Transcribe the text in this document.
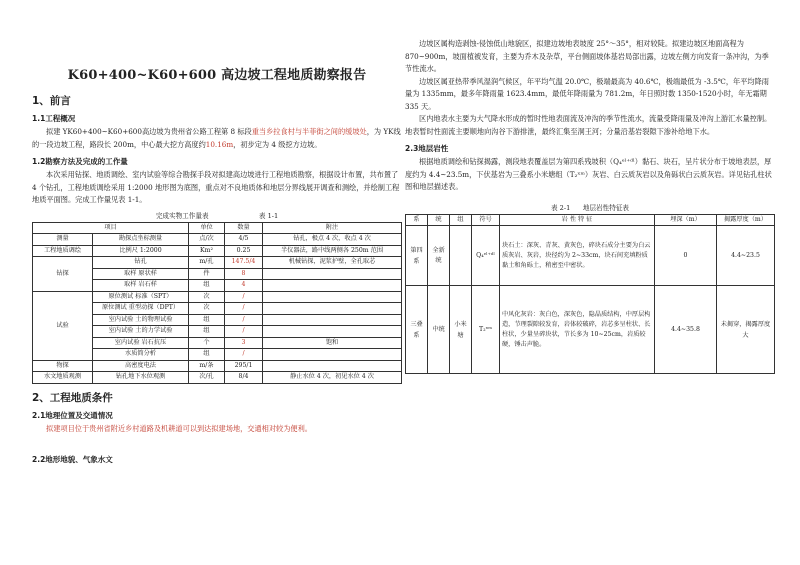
K60+400~K60+600 高边坡工程地质勘察报告
1、前言
1.1工程概况

拟建 YK60+400~K60+600高边坡为贵州省公路工程第 8 标段重当乡拉食村与半菲街之间的缓坡处，为 YK线的一段边坡工程，路段长 200m，中心最大挖方高度约10.16m，初步定为 4 级挖方边坡。

1.2勘察方法及完成的工作量

本次采用钻探、地质调绘、室内试验等综合勘探手段对拟建高边坡进行工程地质勘察，根据设计布置，共布置了 4 个钻孔，工程地质调绘采用 1:2000 地形图为底图，重点对不良地质体和地层分界线展开调查和测绘，并绘制工程地质平面图。完成工作量见表 1-1。

完成实物工作量表	表 1-1
项目		单位	数量	附注
测量	勘探点坐标测量	点/次	4/5	钻孔，极点 4 次，收点 4 次
工程地质调绘	比例尺 1:2000	Km²	0.25	半仪器法，路中线两侧各 250m 范围
钻探	钻孔	m/孔	147.5/4	机械钻探，泥浆护壁，全孔取芯
	取样 原状样	件	8	
	取样 岩石样	组	4	
试验	原位测试 标准（SPT）	次	/	
	原位测试 重型动探（DPT）	次	/	
	室内试验 土的物理试验	组	/	
	室内试验 土的力学试验	组	/	
	室内试验 岩石抗压	个	3	饱和
	水质简分析	组	/	
物探	高密度电法	m/条	295/1	
水文地质观测	钻孔地下水位观测	次/孔	8/4	静止水位 4 次，初见水位 4 次
2、工程地质条件
2.1地理位置及交通情况

拟建项目位于贵州省附近乡村道路及机耕道可以到达拟建场地，交通相对较为便利。

2.2地形地貌、气象水文

边坡区属构造剥蚀-侵蚀低山地貌区，拟建边坡地表坡度 25°～35°，相对较陡。拟建边坡区地面高程为 870~900m，坡面植被发育，主要为乔木及杂草，平台侧面坡体基岩局部出露，边坡左侧方向发育一条冲沟，为季节性流水。

边坡区属亚热带季风湿润气候区，年平均气温 20.0℃，极端最高为 40.6℃，极端最低为 -3.5℃，年平均降雨量为 1335mm，最多年降雨量 1623.4mm，最低年降雨量为 781.2m，年日照时数 1350-1520小时，年无霜期 335 天。

区内地表水主要为大气降水形成的暂时性地表面流及冲沟的季节性流水，流量受降雨量及冲沟上游汇水量控制。地表暂时性面流主要顺地向沟谷下游排泄，最终汇集至洞王河；分量沿基岩裂隙下渗补给地下水。

2.3地层岩性

根据地质调绘和钻探揭露，测段地表覆盖层为第四系残坡积（Q₄ᵉˡ⁺ᵈˡ）黏石、块石，呈片状分布于坡地表层，厚度约为 4.4~23.5m，下伏基岩为三叠系小米塘组（T₂ˣᵐ）灰岩、白云质灰岩以及角砾状白云质灰岩。详见钻孔柱状图和地层描述表。

表 2-1 地层岩性特征表
系	统	组	符号	岩 性 特 征	埋深（m）	揭露厚度（m）
第四系	全新统		Q₄ᵉˡ⁺ᵈˡ	块石土：深灰、青灰、黄灰色，碎块石成分主要为白云质灰岩、灰岩，块径约为 2~33cm，块石间充填粉质黏土和角砾土，稍密至中密状。	0	4.4~23.5
三叠系	中统	小米塘	T₂ˣᵐ	中风化灰岩：灰白色，深灰色，隐晶质结构，中厚层构造，节理裂隙较发育，岩体较破碎，岩芯多呈柱状、长柱状，少量呈碎块状，节长多为 10~25cm，岩质较硬，锤击声脆。	4.4~35.8	未揭穿，揭露厚度大
